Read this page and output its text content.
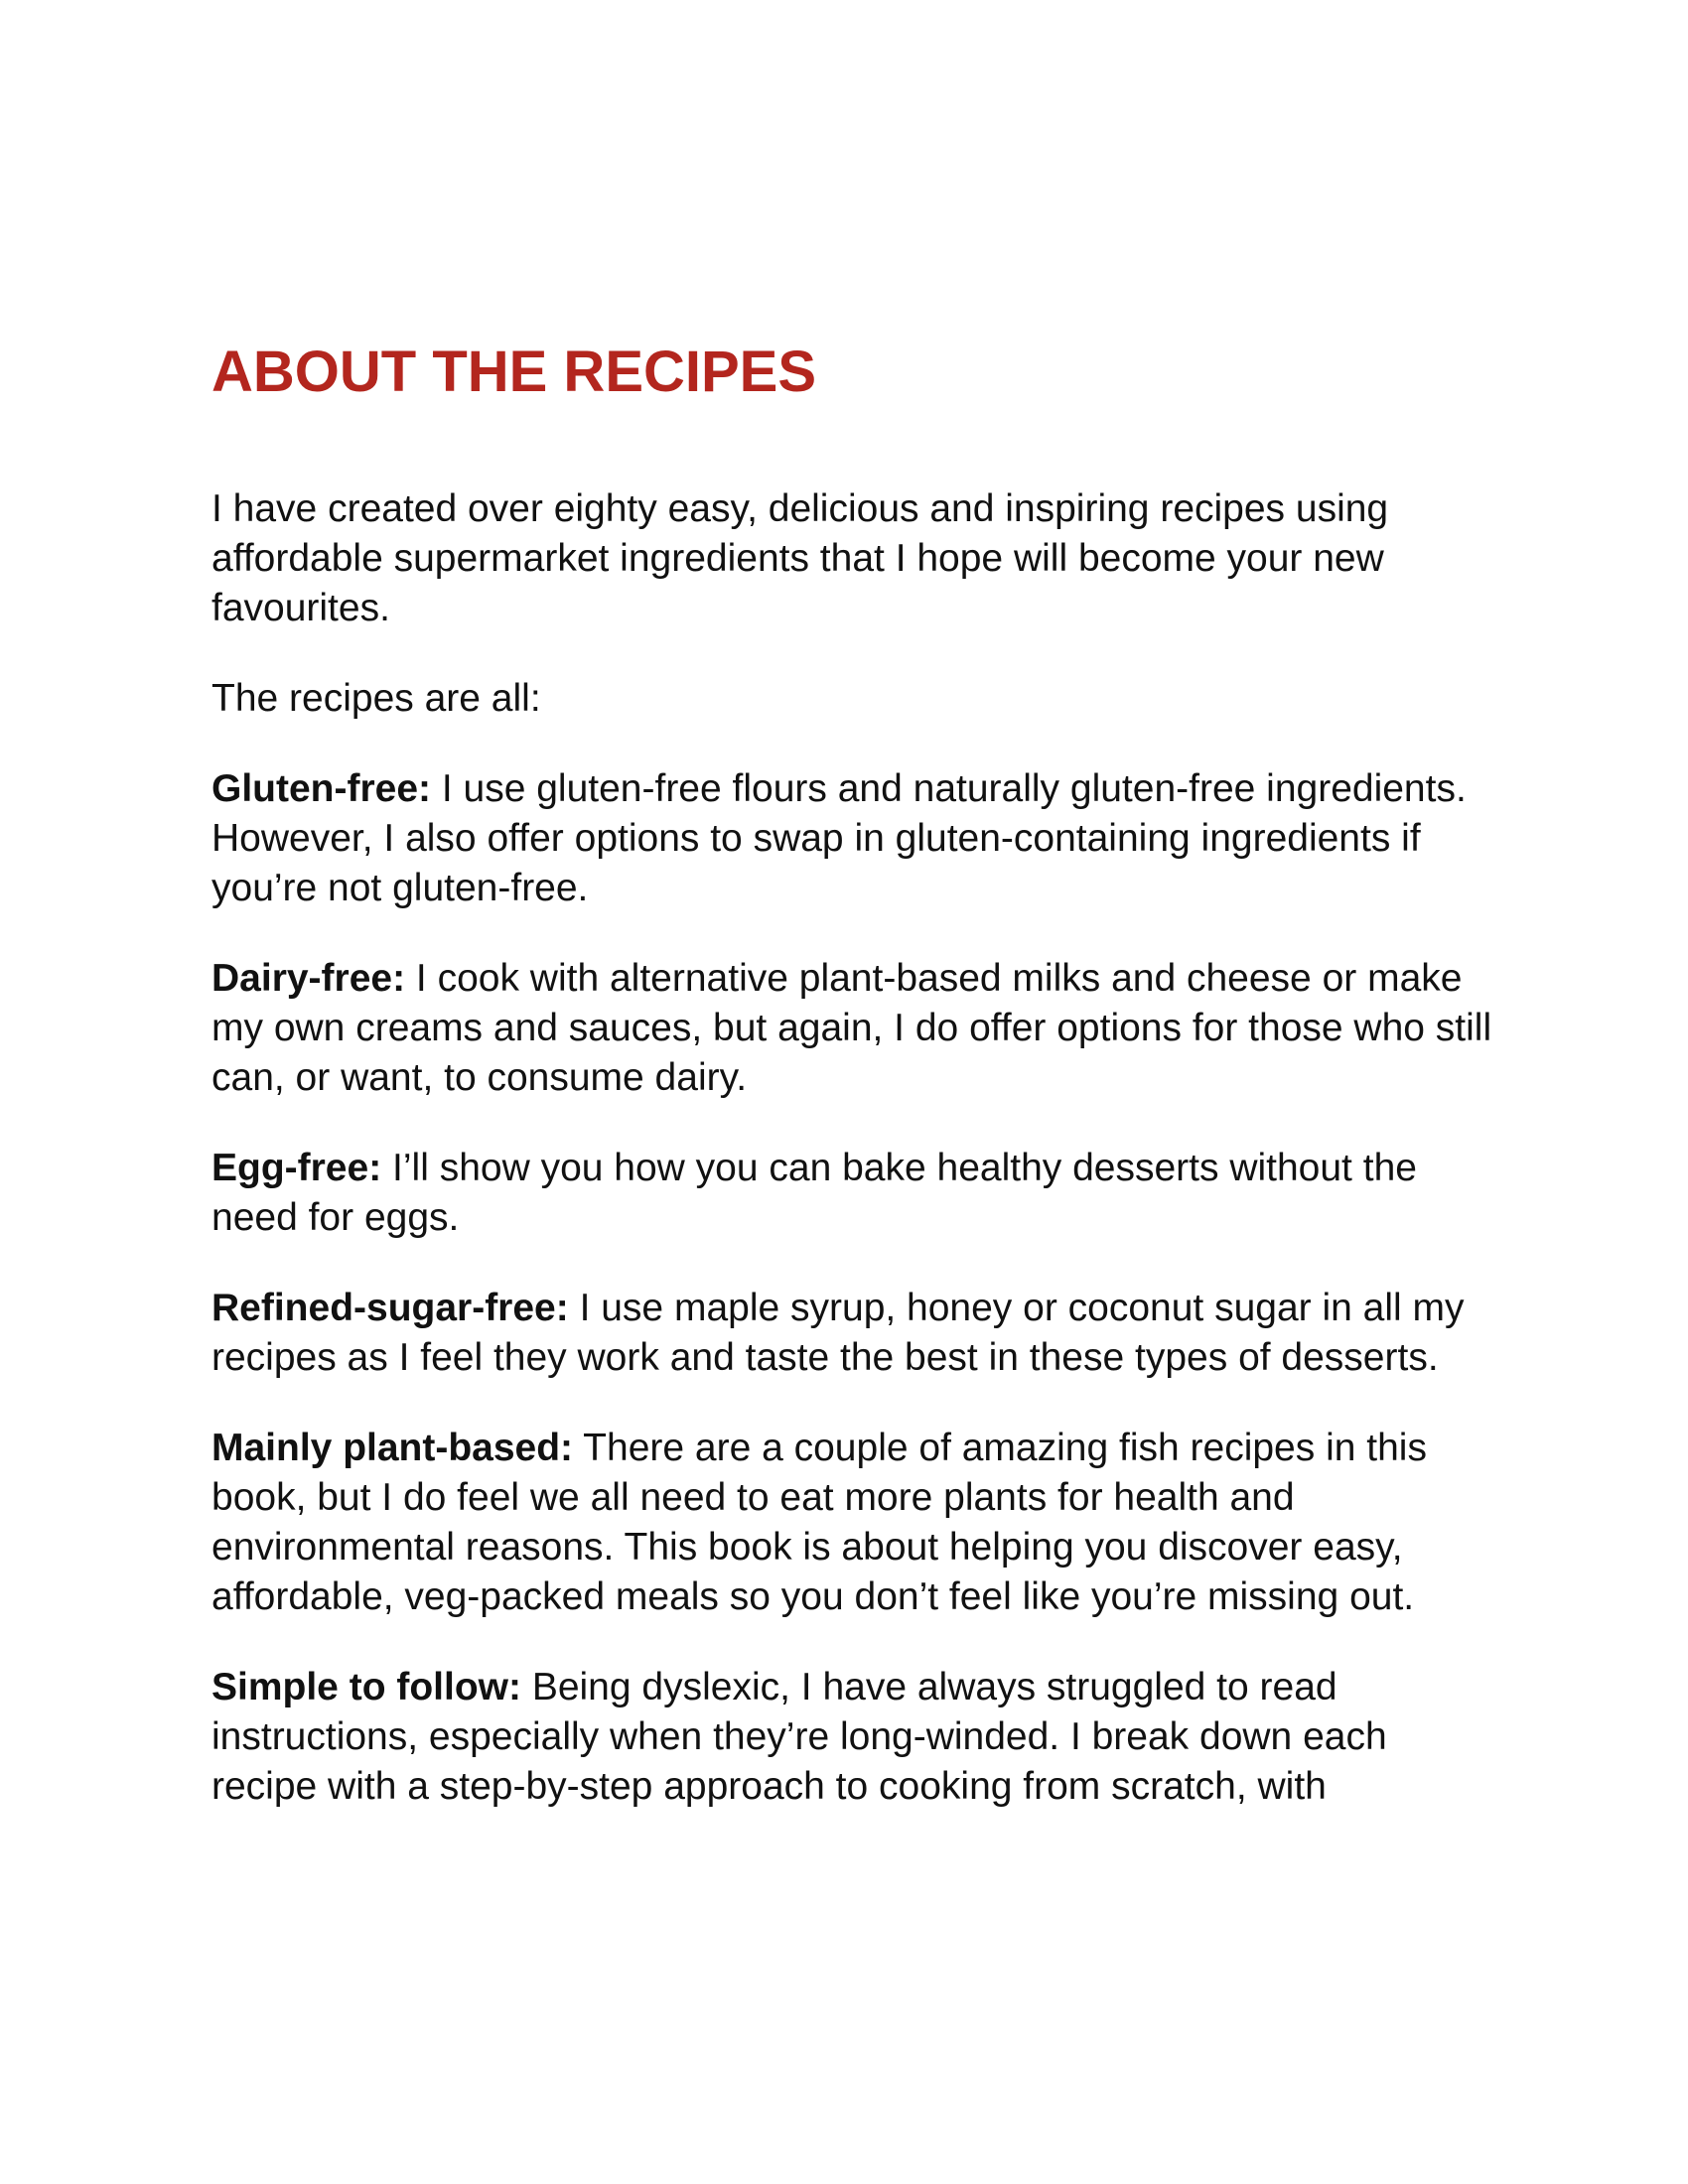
ABOUT THE RECIPES

I have created over eighty easy, delicious and inspiring recipes using affordable supermarket ingredients that I hope will become your new favourites.

The recipes are all:

Gluten-free: I use gluten-free flours and naturally gluten-free ingredients. However, I also offer options to swap in gluten-containing ingredients if you’re not gluten-free.

Dairy-free: I cook with alternative plant-based milks and cheese or make my own creams and sauces, but again, I do offer options for those who still can, or want, to consume dairy.

Egg-free: I’ll show you how you can bake healthy desserts without the need for eggs.

Refined-sugar-free: I use maple syrup, honey or coconut sugar in all my recipes as I feel they work and taste the best in these types of desserts.

Mainly plant-based: There are a couple of amazing fish recipes in this book, but I do feel we all need to eat more plants for health and environmental reasons. This book is about helping you discover easy, affordable, veg-packed meals so you don’t feel like you’re missing out.

Simple to follow: Being dyslexic, I have always struggled to read instructions, especially when they’re long-winded. I break down each recipe with a step-by-step approach to cooking from scratch, with
